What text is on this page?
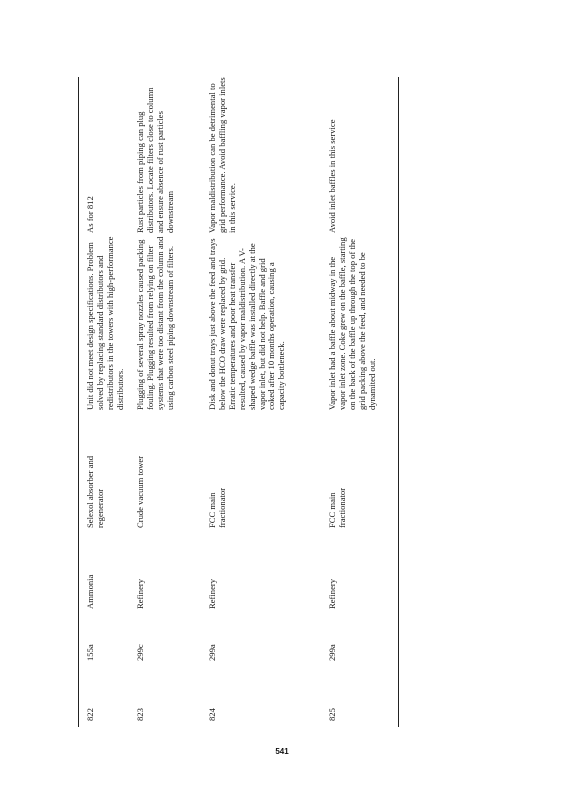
822
155a
Ammonia
Selexol absorber and regenerator
Unit did not meet design specifications. Problem solved by replacing standard distributors and redistributors in the towers with high-performance distributors.
As for 812
823
299c
Refinery
Crude vacuum tower
Plugging of several spray nozzles caused packing fouling. Plugging resulted from relying on filter systems that were too distant from the column and using carbon steel piping downstream of filters.
Rust particles from piping can plug distributors. Locate filters close to column and ensure absence of rust particles downstream
824
299a
Refinery
FCC main fractionator
Disk and donut trays just above the feed and trays below the HCO draw were replaced by grid. Erratic temperatures and poor heat transfer resulted, caused by vapor maldistribution. A V-shaped wedge baffle was installed directly at the vapor inlet, but did not help. Baffle and grid coked after 10 months operation, causing a capacity bottleneck.
Vapor maldistribution can be detrimental to grid performance. Avoid baffling vapor inlets in this service.
825
299a
Refinery
FCC main fractionator
Vapor inlet had a baffle about midway in the vapor inlet zone. Coke grew on the baffle, starting on the back of the baffle up through the top of the grid packing above the feed, and needed to be dynamited out.
Avoid inlet baffles in this service
541
